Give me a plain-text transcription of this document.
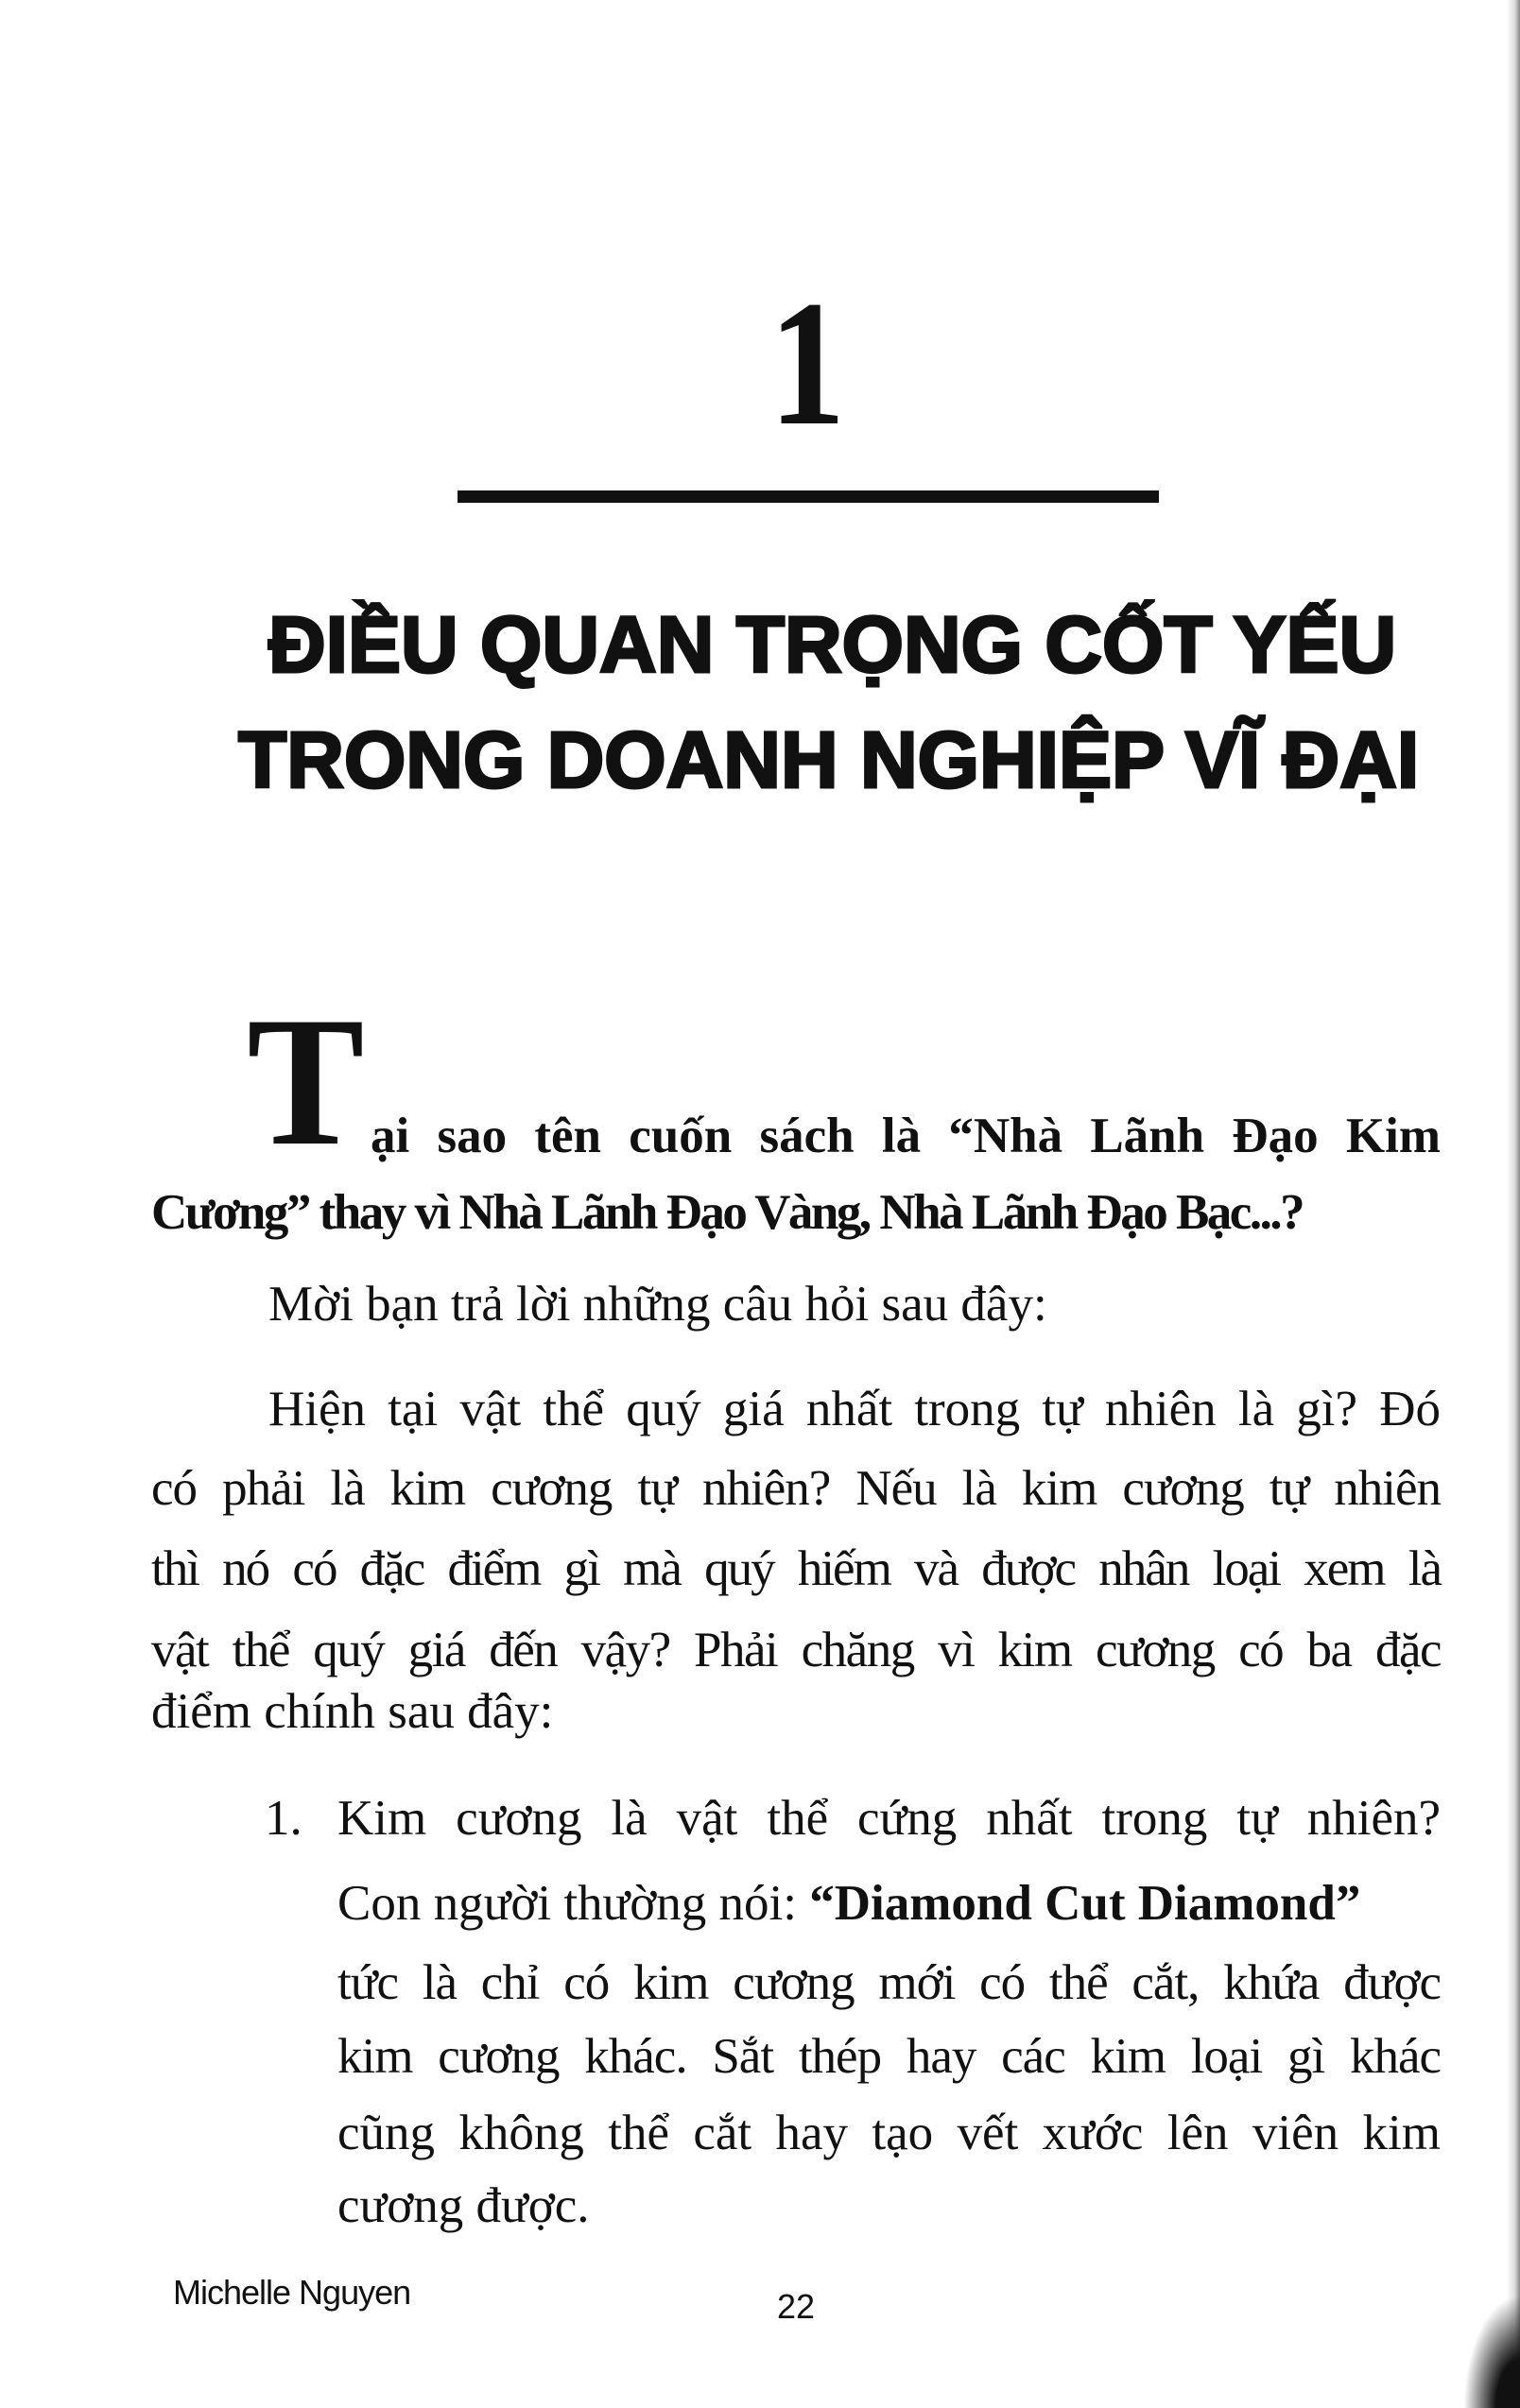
1
ĐIỀU QUAN TRỌNG CỐT YẾU
TRONG DOANH NGHIỆP VĨ ĐẠI
T ại sao tên cuốn sách là “Nhà Lãnh Đạo Kim
Cương” thay vì Nhà Lãnh Đạo Vàng, Nhà Lãnh Đạo Bạc...?
Mời bạn trả lời những câu hỏi sau đây:
Hiện tại vật thể quý giá nhất trong tự nhiên là gì? Đó
có phải là kim cương tự nhiên? Nếu là kim cương tự nhiên
thì nó có đặc điểm gì mà quý hiếm và được nhân loại xem là
vật thể quý giá đến vậy? Phải chăng vì kim cương có ba đặc
điểm chính sau đây:
1. Kim cương là vật thể cứng nhất trong tự nhiên?
Con người thường nói: “Diamond Cut Diamond”
tức là chỉ có kim cương mới có thể cắt, khứa được
kim cương khác. Sắt thép hay các kim loại gì khác
cũng không thể cắt hay tạo vết xước lên viên kim
cương được.
Michelle Nguyen	22
